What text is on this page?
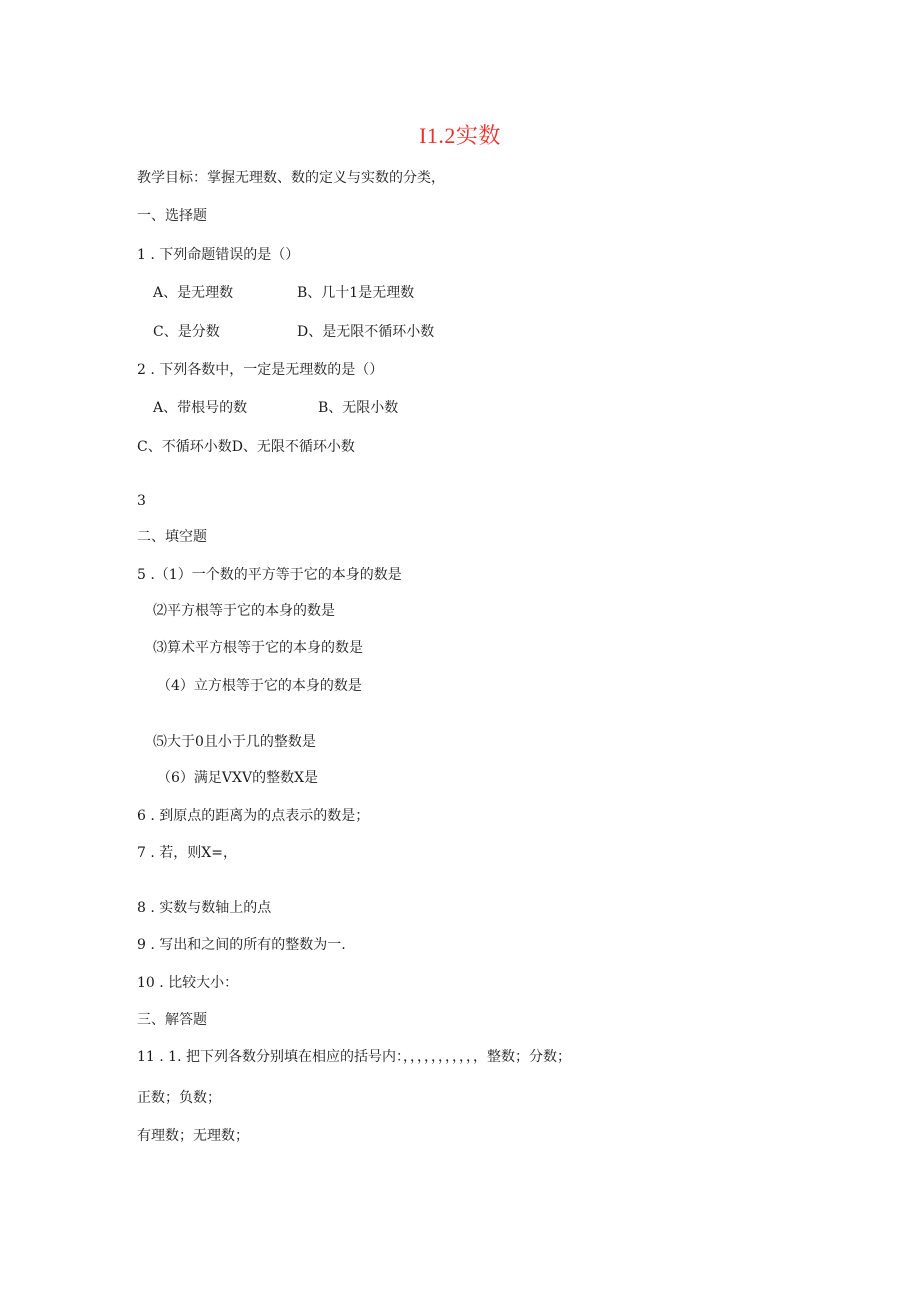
I1.2实数
教学目标：掌握无理数、数的定义与实数的分类，
一、选择题
1 . 下列命题错误的是（）
A、是无理数	B、几十1是无理数
C、是分数	D、是无限不循环小数
2 . 下列各数中，一定是无理数的是（）
A、带根号的数	B、无限小数
C、不循环小数D、无限不循环小数
3
二、填空题
5 .（1）一个数的平方等于它的本身的数是
⑵平方根等于它的本身的数是
⑶算术平方根等于它的本身的数是
（4）立方根等于它的本身的数是
⑸大于0且小于几的整数是
（6）满足VXV的整数X是
6 . 到原点的距离为的点表示的数是；
7 . 若，则X=，
8 . 实数与数轴上的点
9 . 写出和之间的所有的整数为一.
10 . 比较大小：
三、解答题
11 . 1. 把下列各数分别填在相应的括号内：，，，，，，，，，，，整数；分数；
正数；负数；
有理数；无理数；
